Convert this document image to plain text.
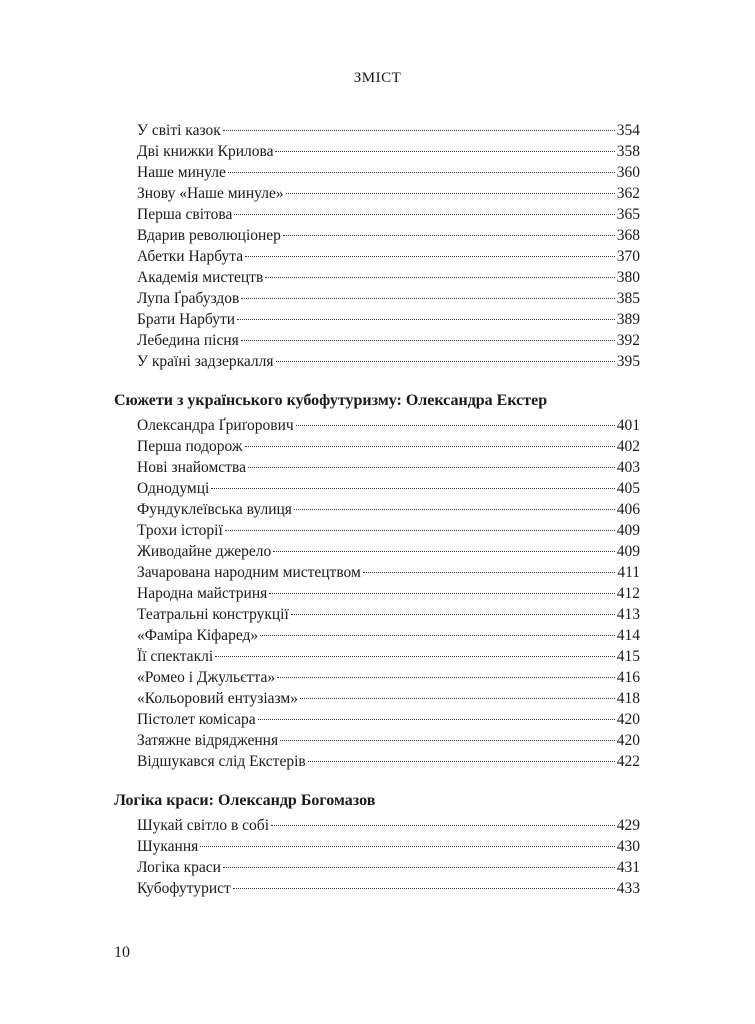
ЗМІСТ
У світі казок	354
Дві книжки Крилова	358
Наше минуле	360
Знову «Наше минуле»	362
Перша світова	365
Вдарив революціонер	368
Абетки Нарбута	370
Академія мистецтв	380
Лупа Ґрабуздов	385
Брати Нарбути	389
Лебедина пісня	392
У країні задзеркалля	395
Сюжети з українського кубофутуризму: Олександра Екстер
Олександра Ґриґорович	401
Перша подорож	402
Нові знайомства	403
Однодумці	405
Фундуклеївська вулиця	406
Трохи історії	409
Живодайне джерело	409
Зачарована народним мистецтвом	411
Народна майстриня	412
Театральні конструкції	413
«Фаміра Кіфаред»	414
Її спектаклі	415
«Ромео і Джульєтта»	416
«Кольоровий ентузіазм»	418
Пістолет комісара	420
Затяжне відрядження	420
Відшукався слід Екстерів	422
Логіка краси: Олександр Богомазов
Шукай світло в собі	429
Шукання	430
Логіка краси	431
Кубофутурист	433
10
